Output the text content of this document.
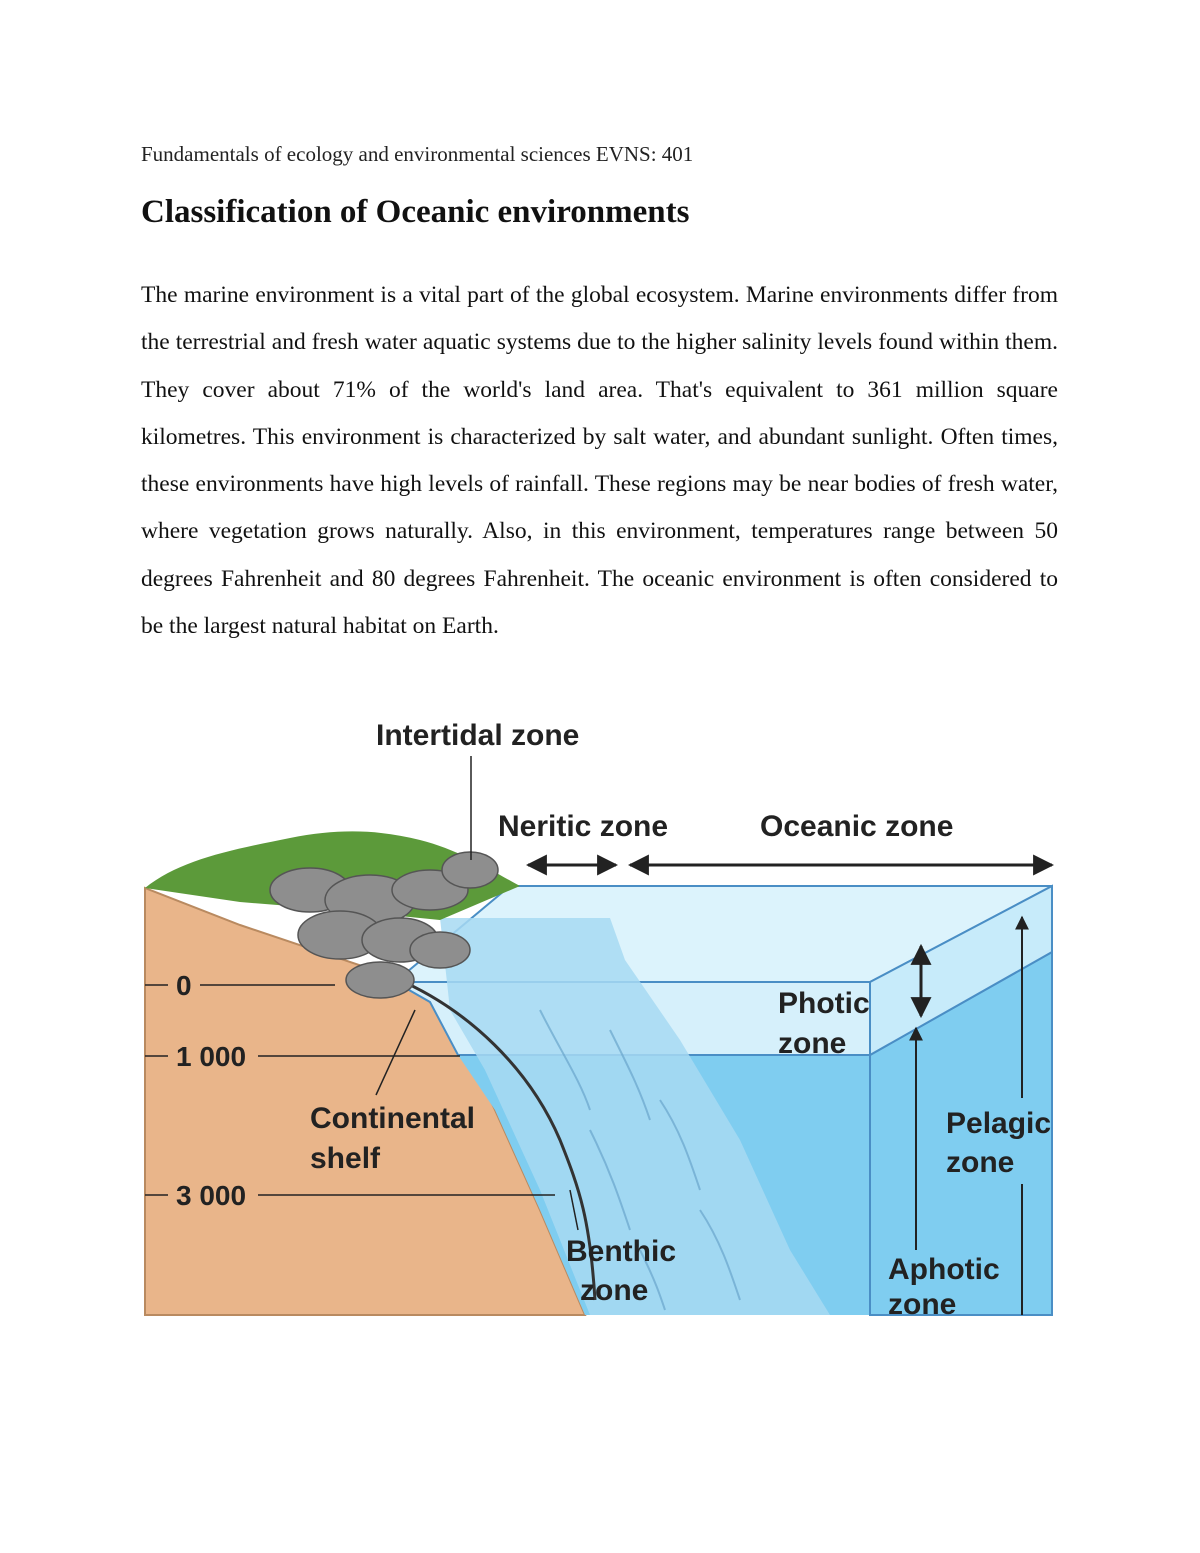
Fundamentals of ecology and environmental sciences EVNS: 401
Classification of Oceanic environments

The marine environment is a vital part of the global ecosystem. Marine environments differ from the terrestrial and fresh water aquatic systems due to the higher salinity levels found within them. They cover about 71% of the world's land area. That's equivalent to 361 million square kilometres. This environment is characterized by salt water, and abundant sunlight. Often times, these environments have high levels of rainfall. These regions may be near bodies of fresh water, where vegetation grows naturally. Also, in this environment, temperatures range between 50 degrees Fahrenheit and 80 degrees Fahrenheit. The oceanic environment is often considered to be the largest natural habitat on Earth.

0
1 000
3 000
Intertidal zone
Neritic zone	Oceanic zone
Photic
zone
Pelagic
zone
Aphotic
zone
Continental
shelf
Benthic
zone
